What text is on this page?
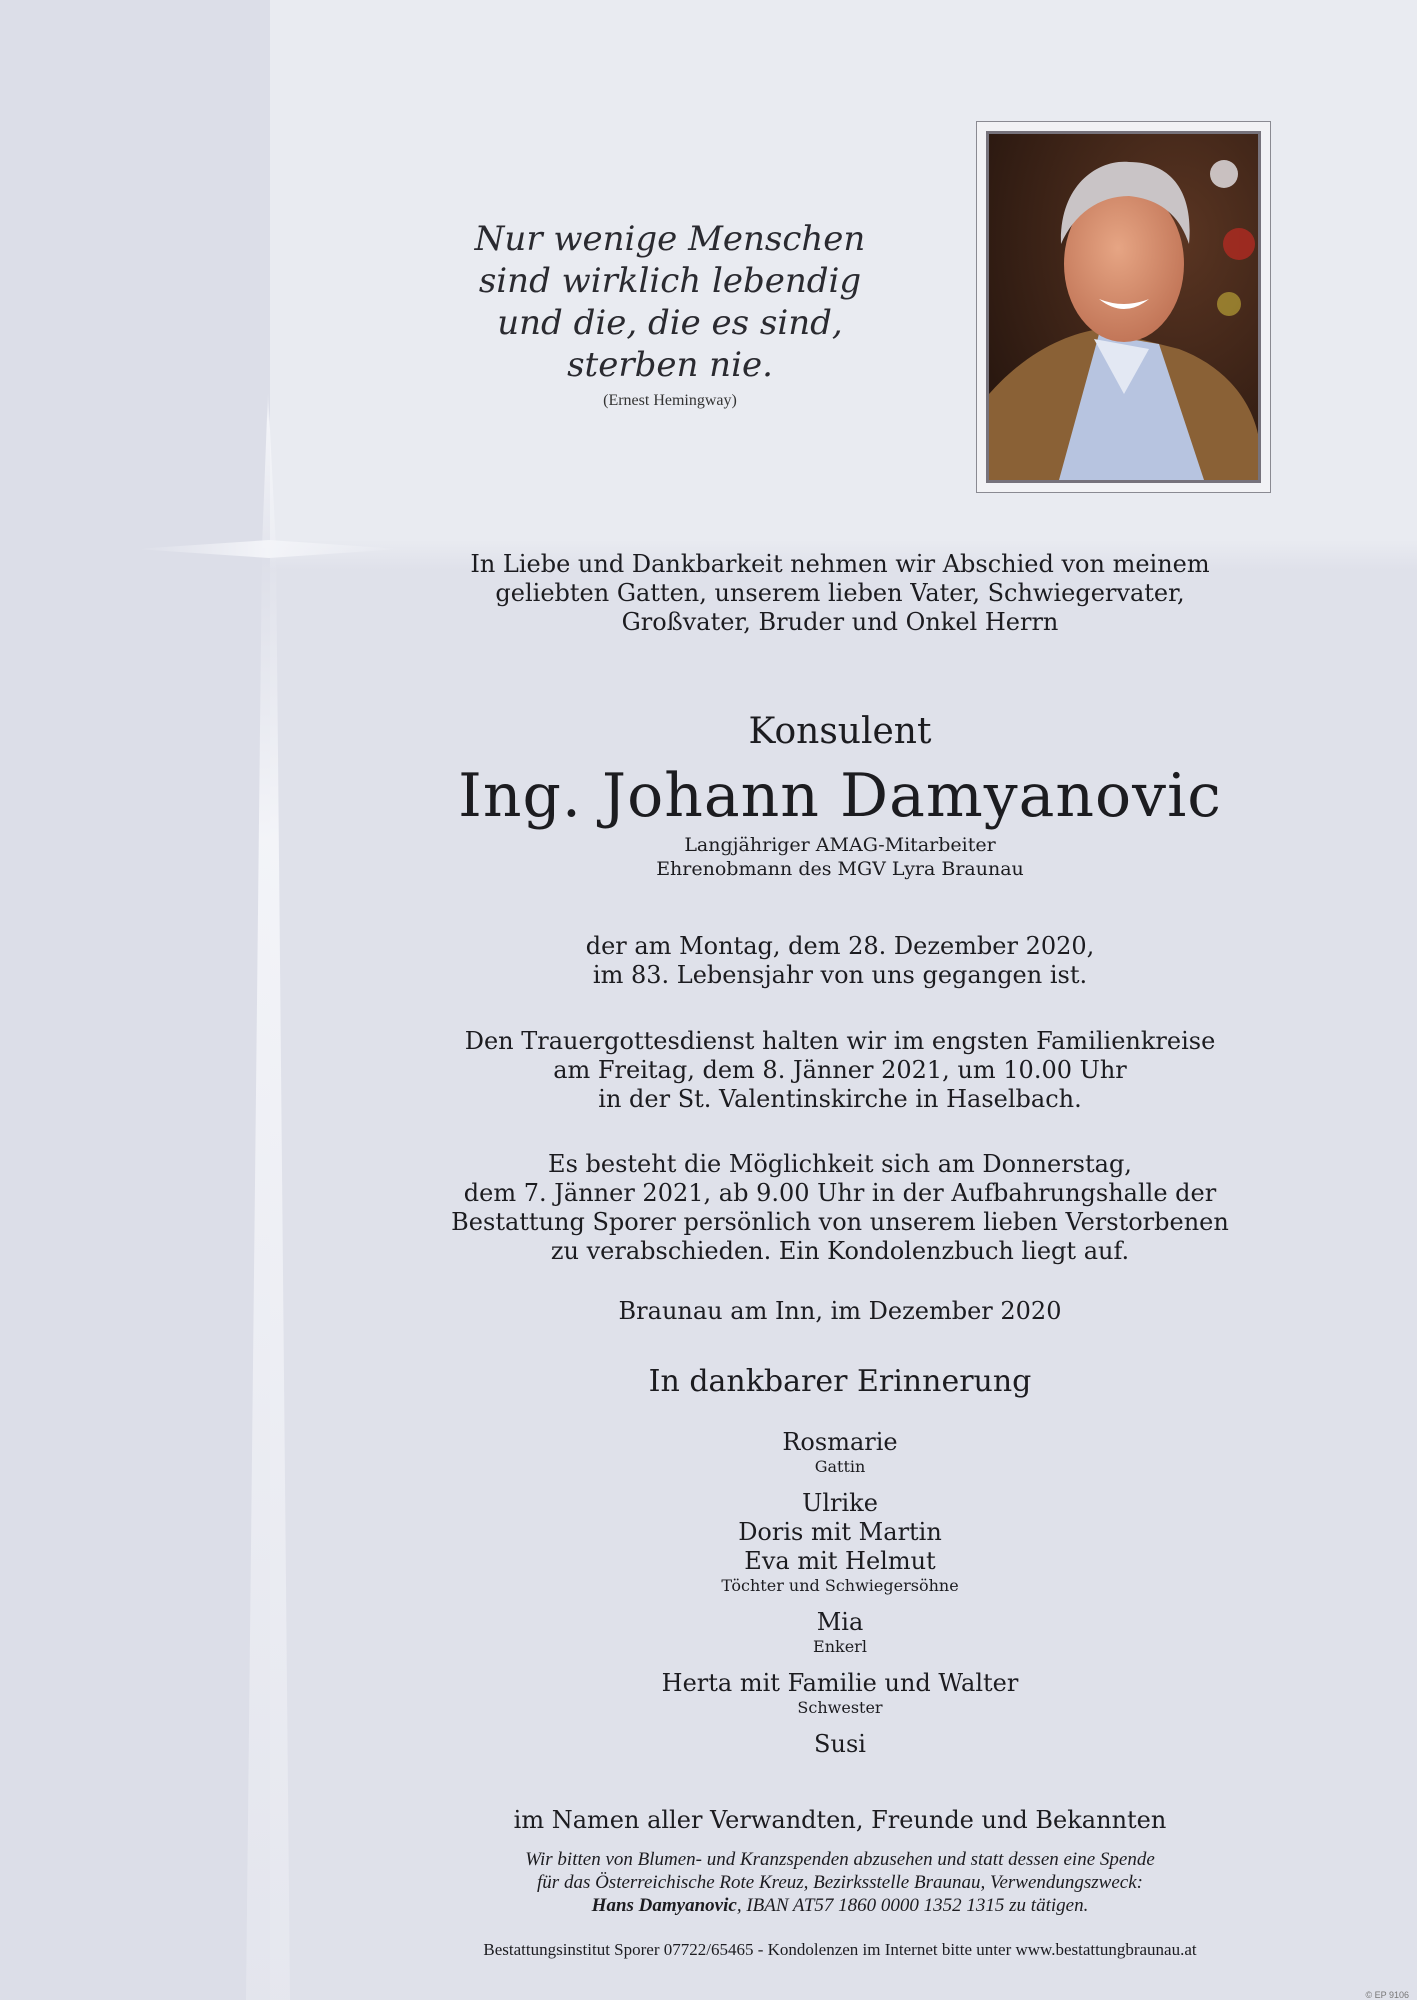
Nur wenige Menschen
sind wirklich lebendig
und die, die es sind,
sterben nie.
(Ernest Hemingway)
In Liebe und Dankbarkeit nehmen wir Abschied von meinem
geliebten Gatten, unserem lieben Vater, Schwiegervater,
Großvater, Bruder und Onkel Herrn
Konsulent
Ing. Johann Damyanovic
Langjähriger AMAG-Mitarbeiter
Ehrenobmann des MGV Lyra Braunau
der am Montag, dem 28. Dezember 2020,
im 83. Lebensjahr von uns gegangen ist.
Den Trauergottesdienst halten wir im engsten Familienkreise
am Freitag, dem 8. Jänner 2021, um 10.00 Uhr
in der St. Valentinskirche in Haselbach.
Es besteht die Möglichkeit sich am Donnerstag,
dem 7. Jänner 2021, ab 9.00 Uhr in der Aufbahrungshalle der
Bestattung Sporer persönlich von unserem lieben Verstorbenen
zu verabschieden. Ein Kondolenzbuch liegt auf.
Braunau am Inn, im Dezember 2020
In dankbarer Erinnerung
Rosmarie
Gattin
Ulrike
Doris mit Martin
Eva mit Helmut
Töchter und Schwiegersöhne
Mia
Enkerl
Herta mit Familie und Walter
Schwester
Susi
im Namen aller Verwandten, Freunde und Bekannten
Wir bitten von Blumen- und Kranzspenden abzusehen und statt dessen eine Spende
für das Österreichische Rote Kreuz, Bezirksstelle Braunau, Verwendungszweck:
Hans Damyanovic, IBAN AT57 1860 0000 1352 1315 zu tätigen.
Bestattungsinstitut Sporer 07722/65465 - Kondolenzen im Internet bitte unter www.bestattungbraunau.at
© EP 9106
